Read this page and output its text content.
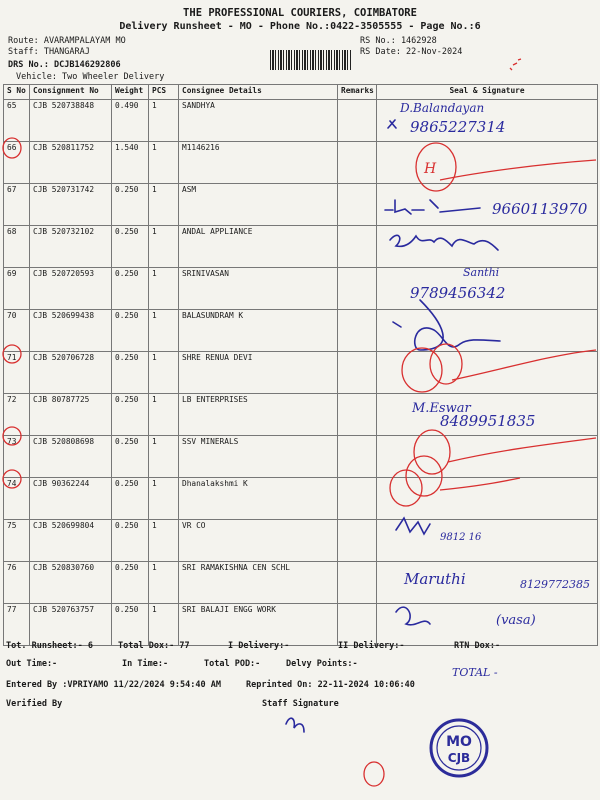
THE PROFESSIONAL COURIERS, COIMBATORE
Delivery Runsheet - MO - Phone No.:0422-3505555 - Page No.:6
Route: AVARAMPALAYAM MO
Staff: THANGARAJ
DRS No.: DCJB146292806
Vehicle: Two Wheeler Delivery
RS No.: 1462928
RS Date: 22-Nov-2024
S No	Consignment No	Weight	PCS	Consignee Details	Remarks	Seal & Signature
65	CJB 520738848	0.490	1	SANDHYA		
66	CJB 520811752	1.540	1	M1146216		
67	CJB 520731742	0.250	1	ASM		
68	CJB 520732102	0.250	1	ANDAL APPLIANCE		
69	CJB 520720593	0.250	1	SRINIVASAN		
70	CJB 520699438	0.250	1	BALASUNDRAM K		
71	CJB 520706728	0.250	1	SHRE RENUA DEVI		
72	CJB 80787725	0.250	1	LB ENTERPRISES		
73	CJB 520808698	0.250	1	SSV MINERALS		
74	CJB 90362244	0.250	1	Dhanalakshmi K		
75	CJB 520699804	0.250	1	VR CO		
76	CJB 520830760	0.250	1	SRI RAMAKISHNA CEN SCHL		
77	CJB 520763757	0.250	1	SRI BALAJI ENGG WORK		
Tot. Runsheet:- 6	Total Dox:- 77	I Delivery:-	II Delivery:-	RTN Dox:-
Out Time:-	In Time:-	Total POD:-	Delvy Points:-
Entered By :VPRIYAMO 11/22/2024 9:54:40 AM	Reprinted On: 22-11-2024 10:06:40
Verified By	Staff Signature
D.Balandayan
9865227314
H
9660113970
Santhi
9789456342
M.Eswar
8489951835
9812 16
Maruthi	8129772385
(vasa)
TOTAL -
MO
CJB
